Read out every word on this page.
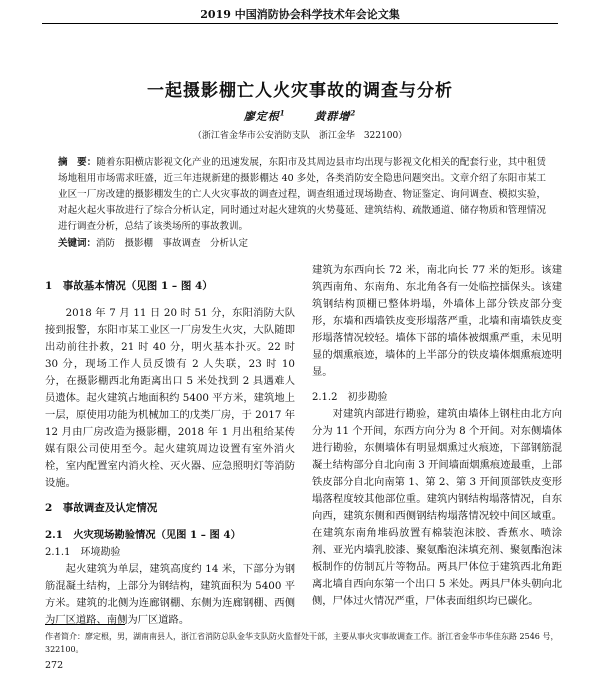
2019 中国消防协会科学技术年会论文集
一起摄影棚亡人火灾事故的调查与分析
廖定根$^1$　　	黄群增$^2$
（浙江省金华市公安消防支队　浙江金华　322100）
摘　要：随着东阳横店影视文化产业的迅速发展，东阳市及其周边县市均出现与影视文化相关的配套行业，其中租赁场地租用市场需求旺盛，近三年违规新建的摄影棚达 40 多处，各类消防安全隐患问题突出。文章介绍了东阳市某工业区一厂房改建的摄影棚发生的亡人火灾事故的调查过程，调查组通过现场勘查、物证鉴定、询问调查、模拟实验，对起火起火事故进行了综合分析认定，同时通过对起火建筑的火势蔓延、建筑结构、疏散通道、储存物质和管理情况进行调查分析，总结了该类场所的事故教训。
关键词：消防　摄影棚　事故调查　分析认定
1　事故基本情况（见图 1 – 图 4）

2018 年 7 月 11 日 20 时 51 分，东阳消防大队接到报警，东阳市某工业区一厂房发生火灾，大队随即出动前往扑救，21 时 40 分，明火基本扑灭。22 时 30 分，现场工作人员反馈有 2 人失联，23 时 10 分，在摄影棚西北角距离出口 5 米处找到 2 具遇难人员遗体。起火建筑占地面积约 5400 平方米，建筑地上一层，原使用功能为机械加工的戊类厂房，于 2017 年 12 月由厂房改造为摄影棚，2018 年 1 月出租给某传媒有限公司使用至今。起火建筑周边设置有室外消火栓，室内配置室内消火栓、灭火器、应急照明灯等消防设施。

2　事故调查及认定情况
2.1　火灾现场勘验情况（见图 1 – 图 4）
2.1.1　环境勘验

起火建筑为单层，建筑高度约 14 米，下部分为钢筋混凝土结构，上部分为钢结构，建筑面积为 5400 平方米。建筑的北侧为连廊钢棚、东侧为连廊钢棚、西侧为厂区道路、南侧为厂区道路。

建筑为东西向长 72 米，南北向长 77 米的矩形。该建筑西南角、东南角、东北角各有一处临控擂保头。该建筑钢结构顶棚已整体坍塌，外墙体上部分铁皮部分变形，东墙和西墙铁皮变形塌落严重，北墙和南墙铁皮变形塌落情况较轻。墙体下部的墙体被烟熏严重，未见明显的烟熏痕迹，墙体的上半部分的铁皮墙体烟熏痕迹明显。

2.1.2　初步勘验

对建筑内部进行勘验，建筑由墙体上钢柱由北方向分为 11 个开间，东西方向分为 8 个开间。对东侧墙体进行勘验，东侧墙体有明显烟熏过火痕迹，下部钢筋混凝土结构部分自北向南 3 开间墙面烟熏痕迹最重，上部铁皮部分自北向南第 1、第 2、第 3 开间顶部铁皮变形塌落程度较其他部位重。建筑内钢结构塌落情况，自东向西，建筑东侧和西侧钢结构塌落情况较中间区域重。在建筑东南角堆码放置有棉装泡沫胶、香蕉水、喷涂剂、亚光内墙乳胶漆、聚氨酯泡沫填充剂、聚氨酯泡沫板制作的仿制瓦片等物品。两具尸体位于建筑西北角距离北墙自西向东第一个出口 5 米处。两具尸体头朝向北侧，尸体过火情况严重，尸体表面组织均已碳化。

作者简介：廖定根，男，湖南南县人，浙江省消防总队金华支队防火监督处干部，主要从事火灾事故调查工作。浙江省金华市华佳东路 2546 号，322100。
272
